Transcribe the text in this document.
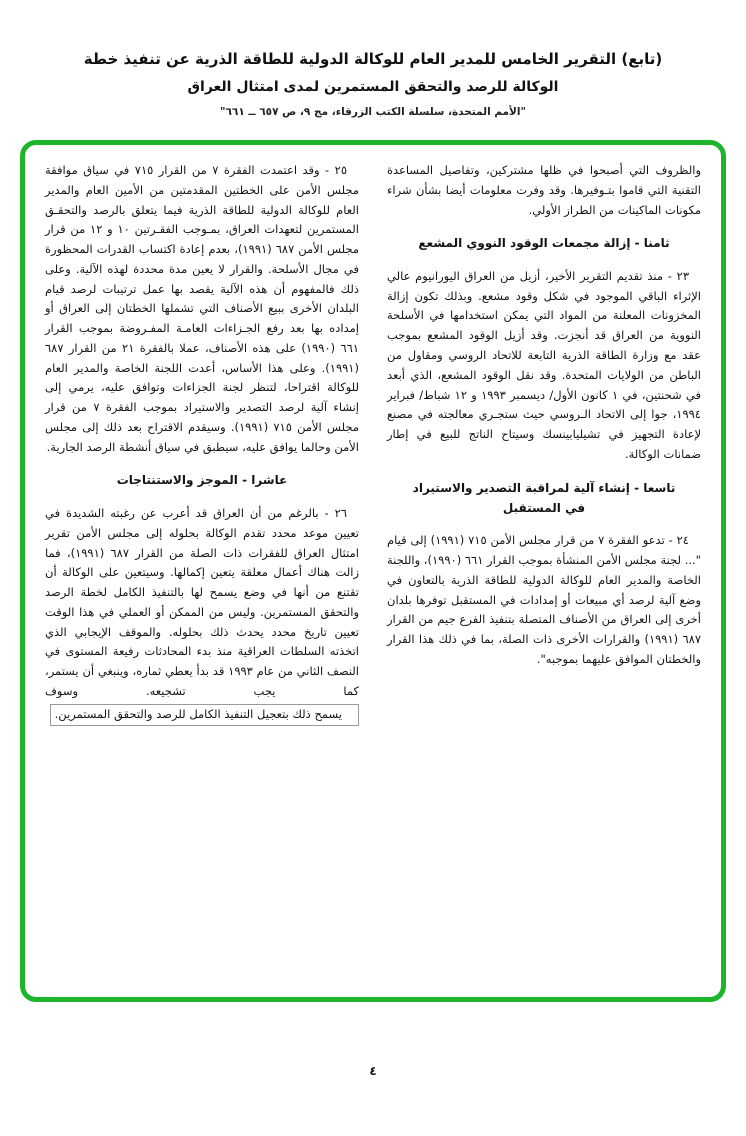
(تابع) التقرير الخامس للمدير العام للوكالة الدولية للطاقة الذرية عن تنفيذ خطة
الوكالة للرصد والتحقق المستمرين لمدى امتثال العراق
"الأمم المتحدة، سلسلة الكتب الزرقاء، مج ٩، ص ٦٥٧ ــ ٦٦١"
والظروف التي أصبحوا في ظلها مشتركين، وتفاصيل المساعدة التقنية التي قاموا بتـوفيرها. وقد وفرت معلومات أيضا بشأن شراء مكونات الماكينات من الطراز الأولي.
ثامنا - إزالة مجمعات الوقود النووي المشعع
٢٣ - منذ تقديم التقرير الأخير، أزيل من العراق اليورانيوم عالي الإثراء الباقي الموجود في شكل وقود مشعع. وبذلك تكون إزالة المخزونات المعلنة من المواد التي يمكن استخدامها في الأسلحة النووية من العراق قد أنجزت. وقد أزيل الوقود المشعع بموجب عقد مع وزارة الطاقة الذرية التابعة للاتحاد الروسي ومقاول من الباطن من الولايات المتحدة. وقد نقل الوقود المشعع، الذي أبعد في شحنتين، في ١ كانون الأول/ ديسمبر ١٩٩٣ و ١٢ شباط/ فبراير ١٩٩٤، جوا إلى الاتحاد الـروسي حيث ستجـري معالجته في مصنع لإعادة التجهيز في تشيليابينسك وسيتاح الناتج للبيع في إطار ضمانات الوكالة.
تاسعا - إنشاء آلية لمراقبة التصدير والاستيراد
في المستقبل
٢٤ - تدعو الفقرة ٧ من قرار مجلس الأمن ٧١٥ (١٩٩١) إلى قيام "... لجنة مجلس الأمن المنشأة بموجب القرار ٦٦١ (١٩٩٠)، واللجنة الخاصة والمدير العام للوكالة الدولية للطاقة الذرية بالتعاون في وضع آلية لرصد أي مبيعات أو إمدادات في المستقبل توفرها بلدان أخرى إلى العراق من الأصناف المتصلة بتنفيذ الفرع جيم من القرار ٦٨٧ (١٩٩١) والقرارات الأخرى ذات الصلة، بما في ذلك هذا القرار والخطتان الموافق عليهما بموجبه".
٢٥ - وقد اعتمدت الفقرة ٧ من القرار ٧١٥ في سياق موافقة مجلس الأمن على الخطتين المقدمتين من الأمين العام والمدير العام للوكالة الدولية للطاقة الذرية فيما يتعلق بالرصد والتحقـق المستمرين لتعهدات العراق، بمـوجب الفقـرتين ١٠ و ١٢ من قرار مجلس الأمن ٦٨٧ (١٩٩١)، بعدم إعادة اكتساب القدرات المحظورة في مجال الأسلحة. والقرار لا يعين مدة محددة لهذه الآلية. وعلى ذلك فالمفهوم أن هذه الآلية يقصد بها عمل ترتيبات لرصد قيام البلدان الأخرى ببيع الأصناف التي تشملها الخطتان إلى العراق أو إمداده بها بعد رفع الجـزاءات العامـة المفـروضة بموجب القرار ٦٦١ (١٩٩٠) على هذه الأصناف، عملا بالفقرة ٢١ من القرار ٦٨٧ (١٩٩١). وعلى هذا الأساس، أعدت اللجنة الخاصة والمدير العام للوكالة اقتراحا، لتنظر لجنة الجزاءات وتوافق عليه، يرمي إلى إنشاء آلية لرصد التصدير والاستيراد بموجب الفقرة ٧ من قرار مجلس الأمن ٧١٥ (١٩٩١). وسيقدم الاقتراح بعد ذلك إلى مجلس الأمن وحالما يوافق عليه، سيطبق في سياق أنشطة الرصد الجارية.
عاشرا - الموجز والاستنتاجات
٢٦ - بالرغم من أن العراق قد أعرب عن رغبته الشديدة في تعيين موعد محدد تقدم الوكالة بحلوله إلى مجلس الأمن تقرير امتثال العراق للفقرات ذات الصلة من القرار ٦٨٧ (١٩٩١)، فما زالت هناك أعمال معلقة يتعين إكمالها. وسيتعين على الوكالة أن تقتنع من أنها في وضع يسمح لها بالتنفيذ الكامل لخطة الرصد والتحقق المستمرين. وليس من الممكن أو العملي في هذا الوقت تعيين تاريخ محدد يحدث ذلك بحلوله. والموقف الإيجابي الذي اتخذته السلطات العراقية منذ بدء المحادثات رفيعة المستوى في النصف الثاني من عام ١٩٩٣ قد بدأ يعطي ثماره، وينبغي أن يستمر، كما يجب تشجيعه. وسوف يسمح ذلك بتعجيل التنفيذ الكامل للرصد والتحقق المستمرين.
٤
